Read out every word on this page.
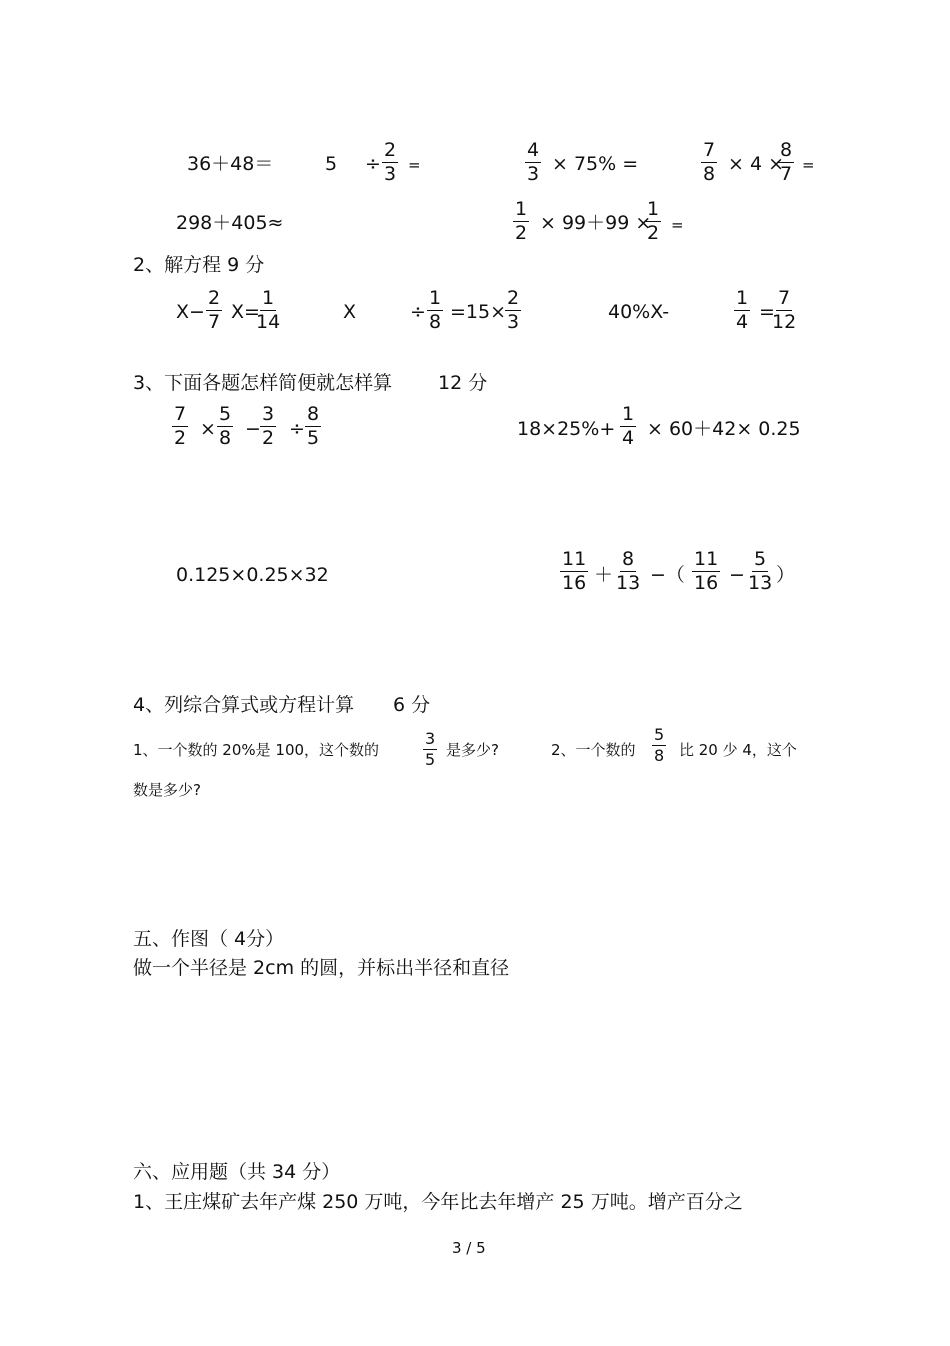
36＋48＝	$5 \div \frac{2}{3}$ =	$\frac{4}{3} \times 75\%$ =	$\frac{7}{8} \times 4$ ×
$\frac{8}{7}$ =
298＋405≈	$\frac{1}{2} \times 99+99$ ×
$\frac{1}{2}$ =
2、解方程 9 分
$X- \frac{2}{7} X=$
$\frac{1}{14}$	X	÷ $\frac{1}{8} =15\times$
$\frac{2}{3}$	40%X-	$\frac{1}{4}$ =
$\frac{7}{12}$
3、下面各题怎样简便就怎样算 12 分
$\frac{7}{2} \times \frac{5}{8} - \frac{3}{2} \div \frac{8}{5}$	$18\times 25\%+ \frac{1}{4} \times 60+42\times 0.25$
0.125×0.25×32	$\frac{11}{16} + \frac{8}{13}$ −（ $\frac{11}{16} - \frac{5}{13}$ ）
4、列综合算式或方程计算 6 分
1、一个数的 20%是 100，这个数的	$\frac{3}{5}$ 是多少?	2、一个数的 $\frac{5}{8}$ 比 20 少 4，这个
数是多少?
五、作图（ 4分）
做一个半径是 2cm 的圆，并标出半径和直径
六、应用题（共 34 分）
1、王庄煤矿去年产煤 250 万吨，今年比去年增产 25 万吨。增产百分之
3 / 5
